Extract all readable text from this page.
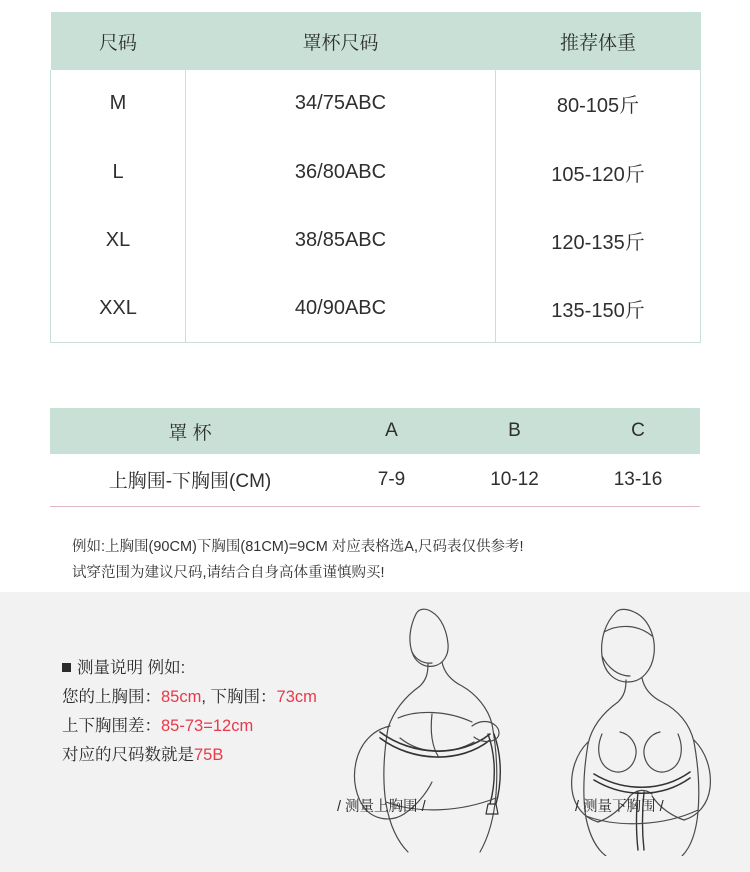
尺码	罩杯尺码	推荐体重
M	34/75ABC	80-105斤
L	36/80ABC	105-120斤
XL	38/85ABC	120-135斤
XXL	40/90ABC	135-150斤
罩 杯	A	B	C
上胸围-下胸围(CM)	7-9	10-12	13-16
例如:上胸围(90CM)下胸围(81CM)=9CM 对应表格选A,尺码表仅供参考!
试穿范围为建议尺码,请结合自身高体重谨慎购买!
测量说明 例如:
您的上胸围：85cm, 下胸围：73cm
上下胸围差：85-73=12cm
对应的尺码数就是75B
/ 测量上胸围 /	/ 测量下胸围 /
